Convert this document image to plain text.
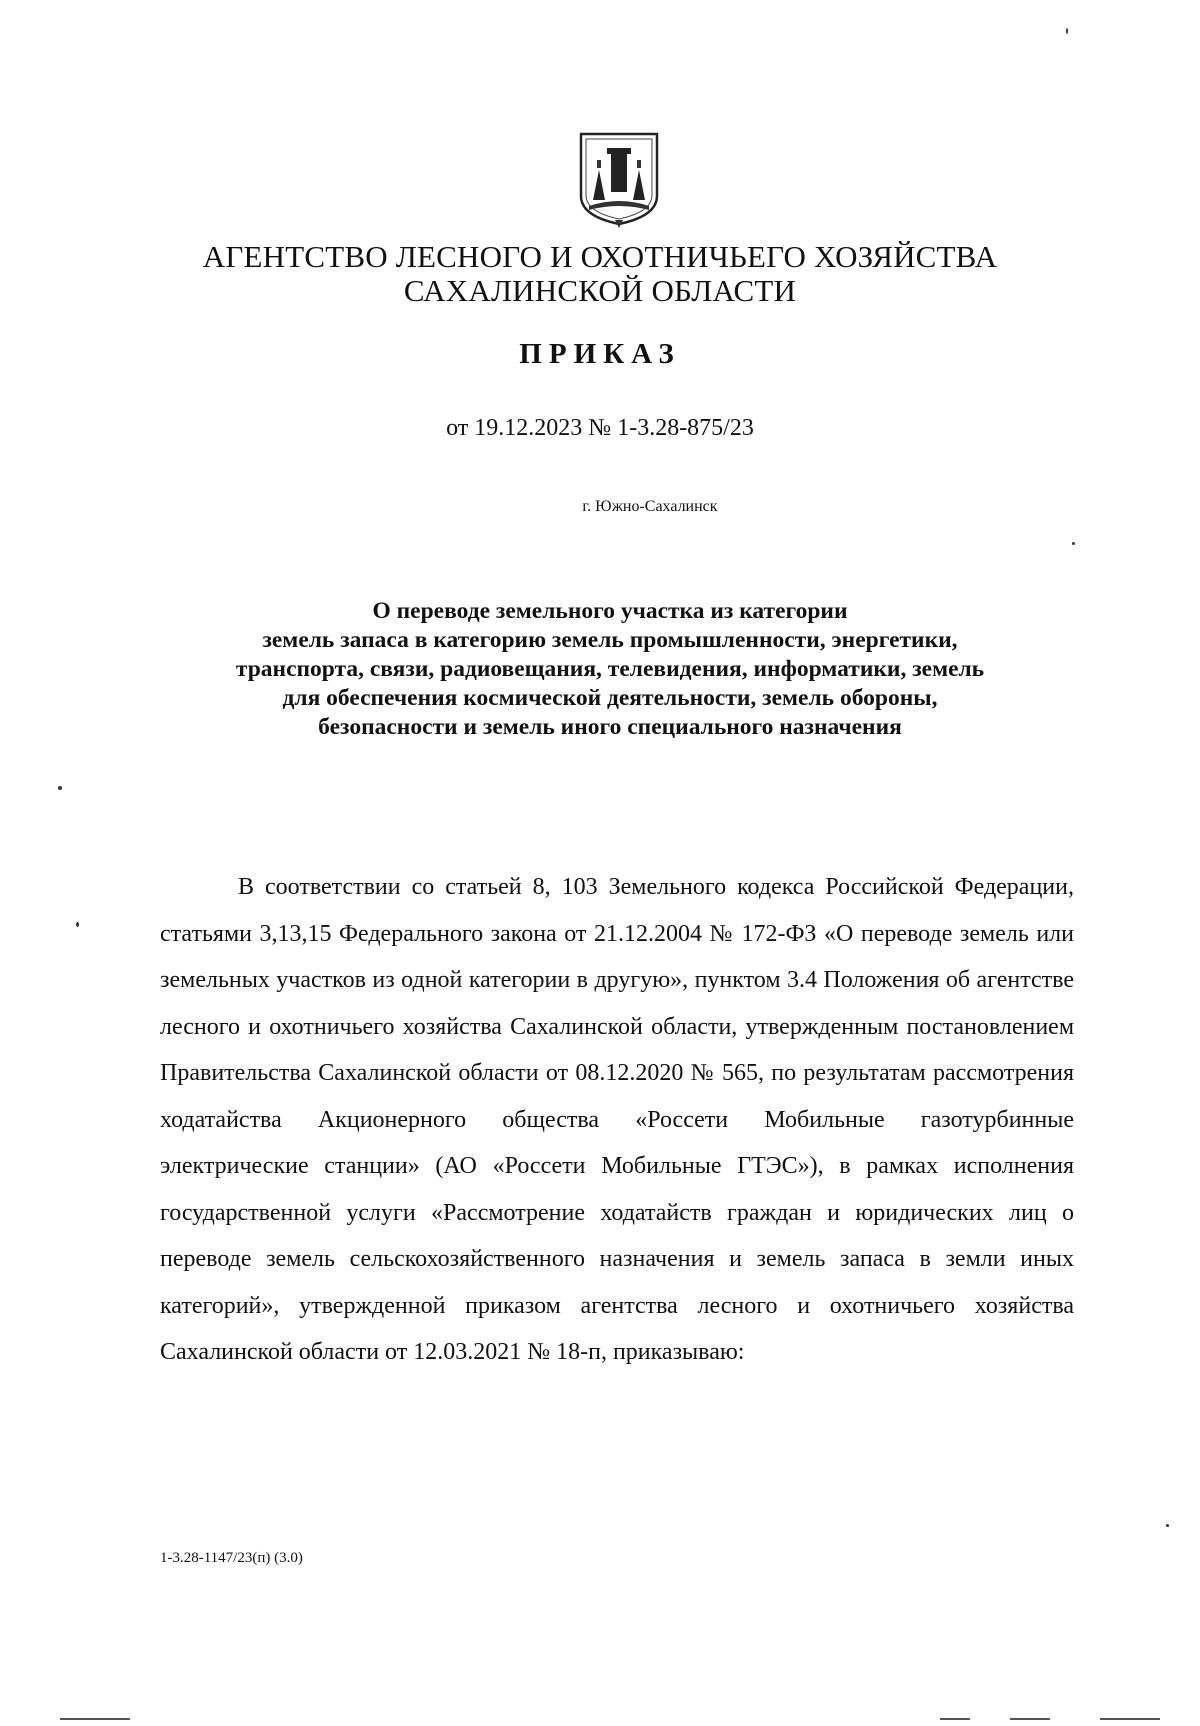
АГЕНТСТВО ЛЕСНОГО И ОХОТНИЧЬЕГО ХОЗЯЙСТВА
САХАЛИНСКОЙ ОБЛАСТИ
ПРИКАЗ
от 19.12.2023 № 1-3.28-875/23
г. Южно-Сахалинск
О переводе земельного участка из категории
земель запаса в категорию земель промышленности, энергетики,
транспорта, связи, радиовещания, телевидения, информатики, земель
для обеспечения космической деятельности, земель обороны,
безопасности и земель иного специального назначения

В соответствии со статьей 8, 103 Земельного кодекса Российской Федерации, статьями 3,13,15 Федерального закона от 21.12.2004 № 172-ФЗ «О переводе земель или земельных участков из одной категории в другую», пунктом 3.4 Положения об агентстве лесного и охотничьего хозяйства Сахалинской области, утвержденным постановлением Правительства Сахалинской области от 08.12.2020 № 565, по результатам рассмотрения ходатайства Акционерного общества «Россети Мобильные газотурбинные электрические станции» (АО «Россети Мобильные ГТЭС»), в рамках исполнения государственной услуги «Рассмотрение ходатайств граждан и юридических лиц о переводе земель сельскохозяйственного назначения и земель запаса в земли иных категорий», утвержденной приказом агентства лесного и охотничьего хозяйства Сахалинской области от 12.03.2021 № 18-п, приказываю:

1-3.28-1147/23(п) (3.0)
